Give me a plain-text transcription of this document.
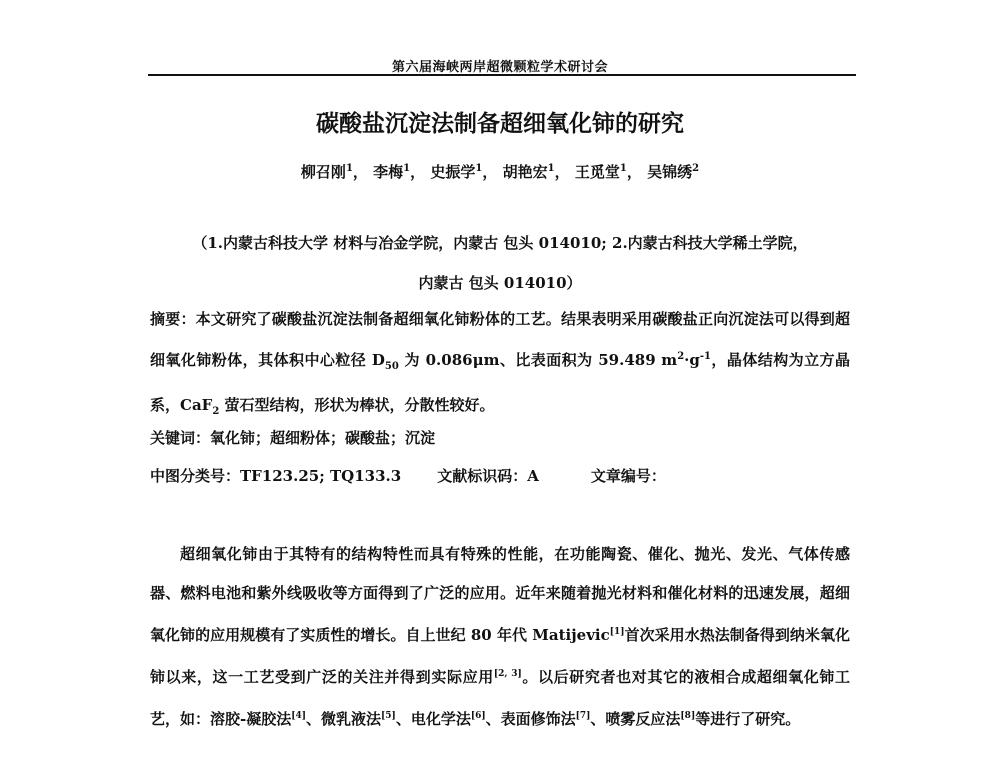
第六届海峡两岸超微颗粒学术研讨会
碳酸盐沉淀法制备超细氧化铈的研究
柳召刚$^1$， 李梅$^1$， 史振学$^1$， 胡艳宏$^1$， 王觅堂$^1$， 吴锦绣$^2$
（1.内蒙古科技大学 材料与冶金学院，内蒙古 包头 014010; 2.内蒙古科技大学稀土学院，
内蒙古 包头 014010）
摘要：本文研究了碳酸盐沉淀法制备超细氧化铈粉体的工艺。结果表明采用碳酸盐正向沉淀法可以得到超细氧化铈粉体，其体积中心粒径 $D_{50}$ 为 0.086μm、比表面积为 59.489 $m^2\cdot g^{-1}$，晶体结构为立方晶系，CaF$_2$ 萤石型结构，形状为棒状，分散性较好。
关键词：氧化铈；超细粉体；碳酸盐；沉淀
中图分类号：TF123.25; TQ133.3 文献标识码：A	文章编号：
超细氧化铈由于其特有的结构特性而具有特殊的性能，在功能陶瓷、催化、抛光、发光、气体传感器、燃料电池和紫外线吸收等方面得到了广泛的应用。近年来随着抛光材料和催化材料的迅速发展，超细氧化铈的应用规模有了实质性的增长。自上世纪 80 年代 Matijevic[1]首次采用水热法制备得到纳米氧化铈以来，这一工艺受到广泛的关注并得到实际应用[2, 3]。以后研究者也对其它的液相合成超细氧化铈工艺，如：溶胶-凝胶法[4]、微乳液法[5]、电化学法[6]、表面修饰法[7]、喷雾反应法[8]等进行了研究。
